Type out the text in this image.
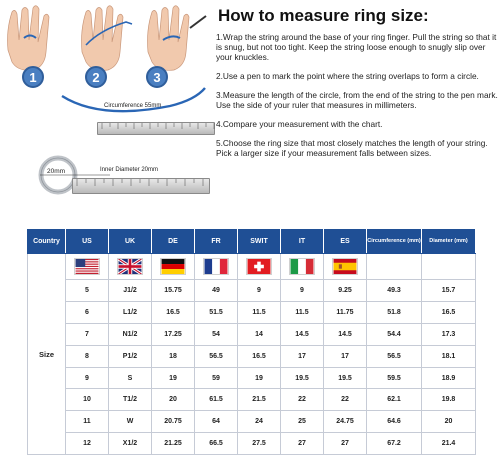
1	2	3
Circumference 55mm
20mm	Inner Diameter 20mm
How to measure ring size:

1.Wrap the string around the base of your ring finger. Pull the string so that it is snug, but not too tight. Keep the string loose enough to snugly slip over your knuckles.

2.Use a pen to mark the point where the string overlaps to form a circle.

3.Measure the length of the circle, from the end of the string to the pen mark. Use the side of your ruler that measures in millimeters.

4.Compare your measurement with the chart.

5.Choose the ring size that most closely matches the length of your string. Pick a larger size if your measurement falls between sizes.

Country	US	UK	DE	FR	SWIT	IT	ES	Circumference (mm)	Diameter (mm)
Size	

	5	J1/2	15.75	49	9	9	9.25	49.3	15.7
	6	L1/2	16.5	51.5	11.5	11.5	11.75	51.8	16.5
	7	N1/2	17.25	54	14	14.5	14.5	54.4	17.3
	8	P1/2	18	56.5	16.5	17	17	56.5	18.1
	9	S	19	59	19	19.5	19.5	59.5	18.9
	10	T1/2	20	61.5	21.5	22	22	62.1	19.8
	11	W	20.75	64	24	25	24.75	64.6	20
	12	X1/2	21.25	66.5	27.5	27	27	67.2	21.4
